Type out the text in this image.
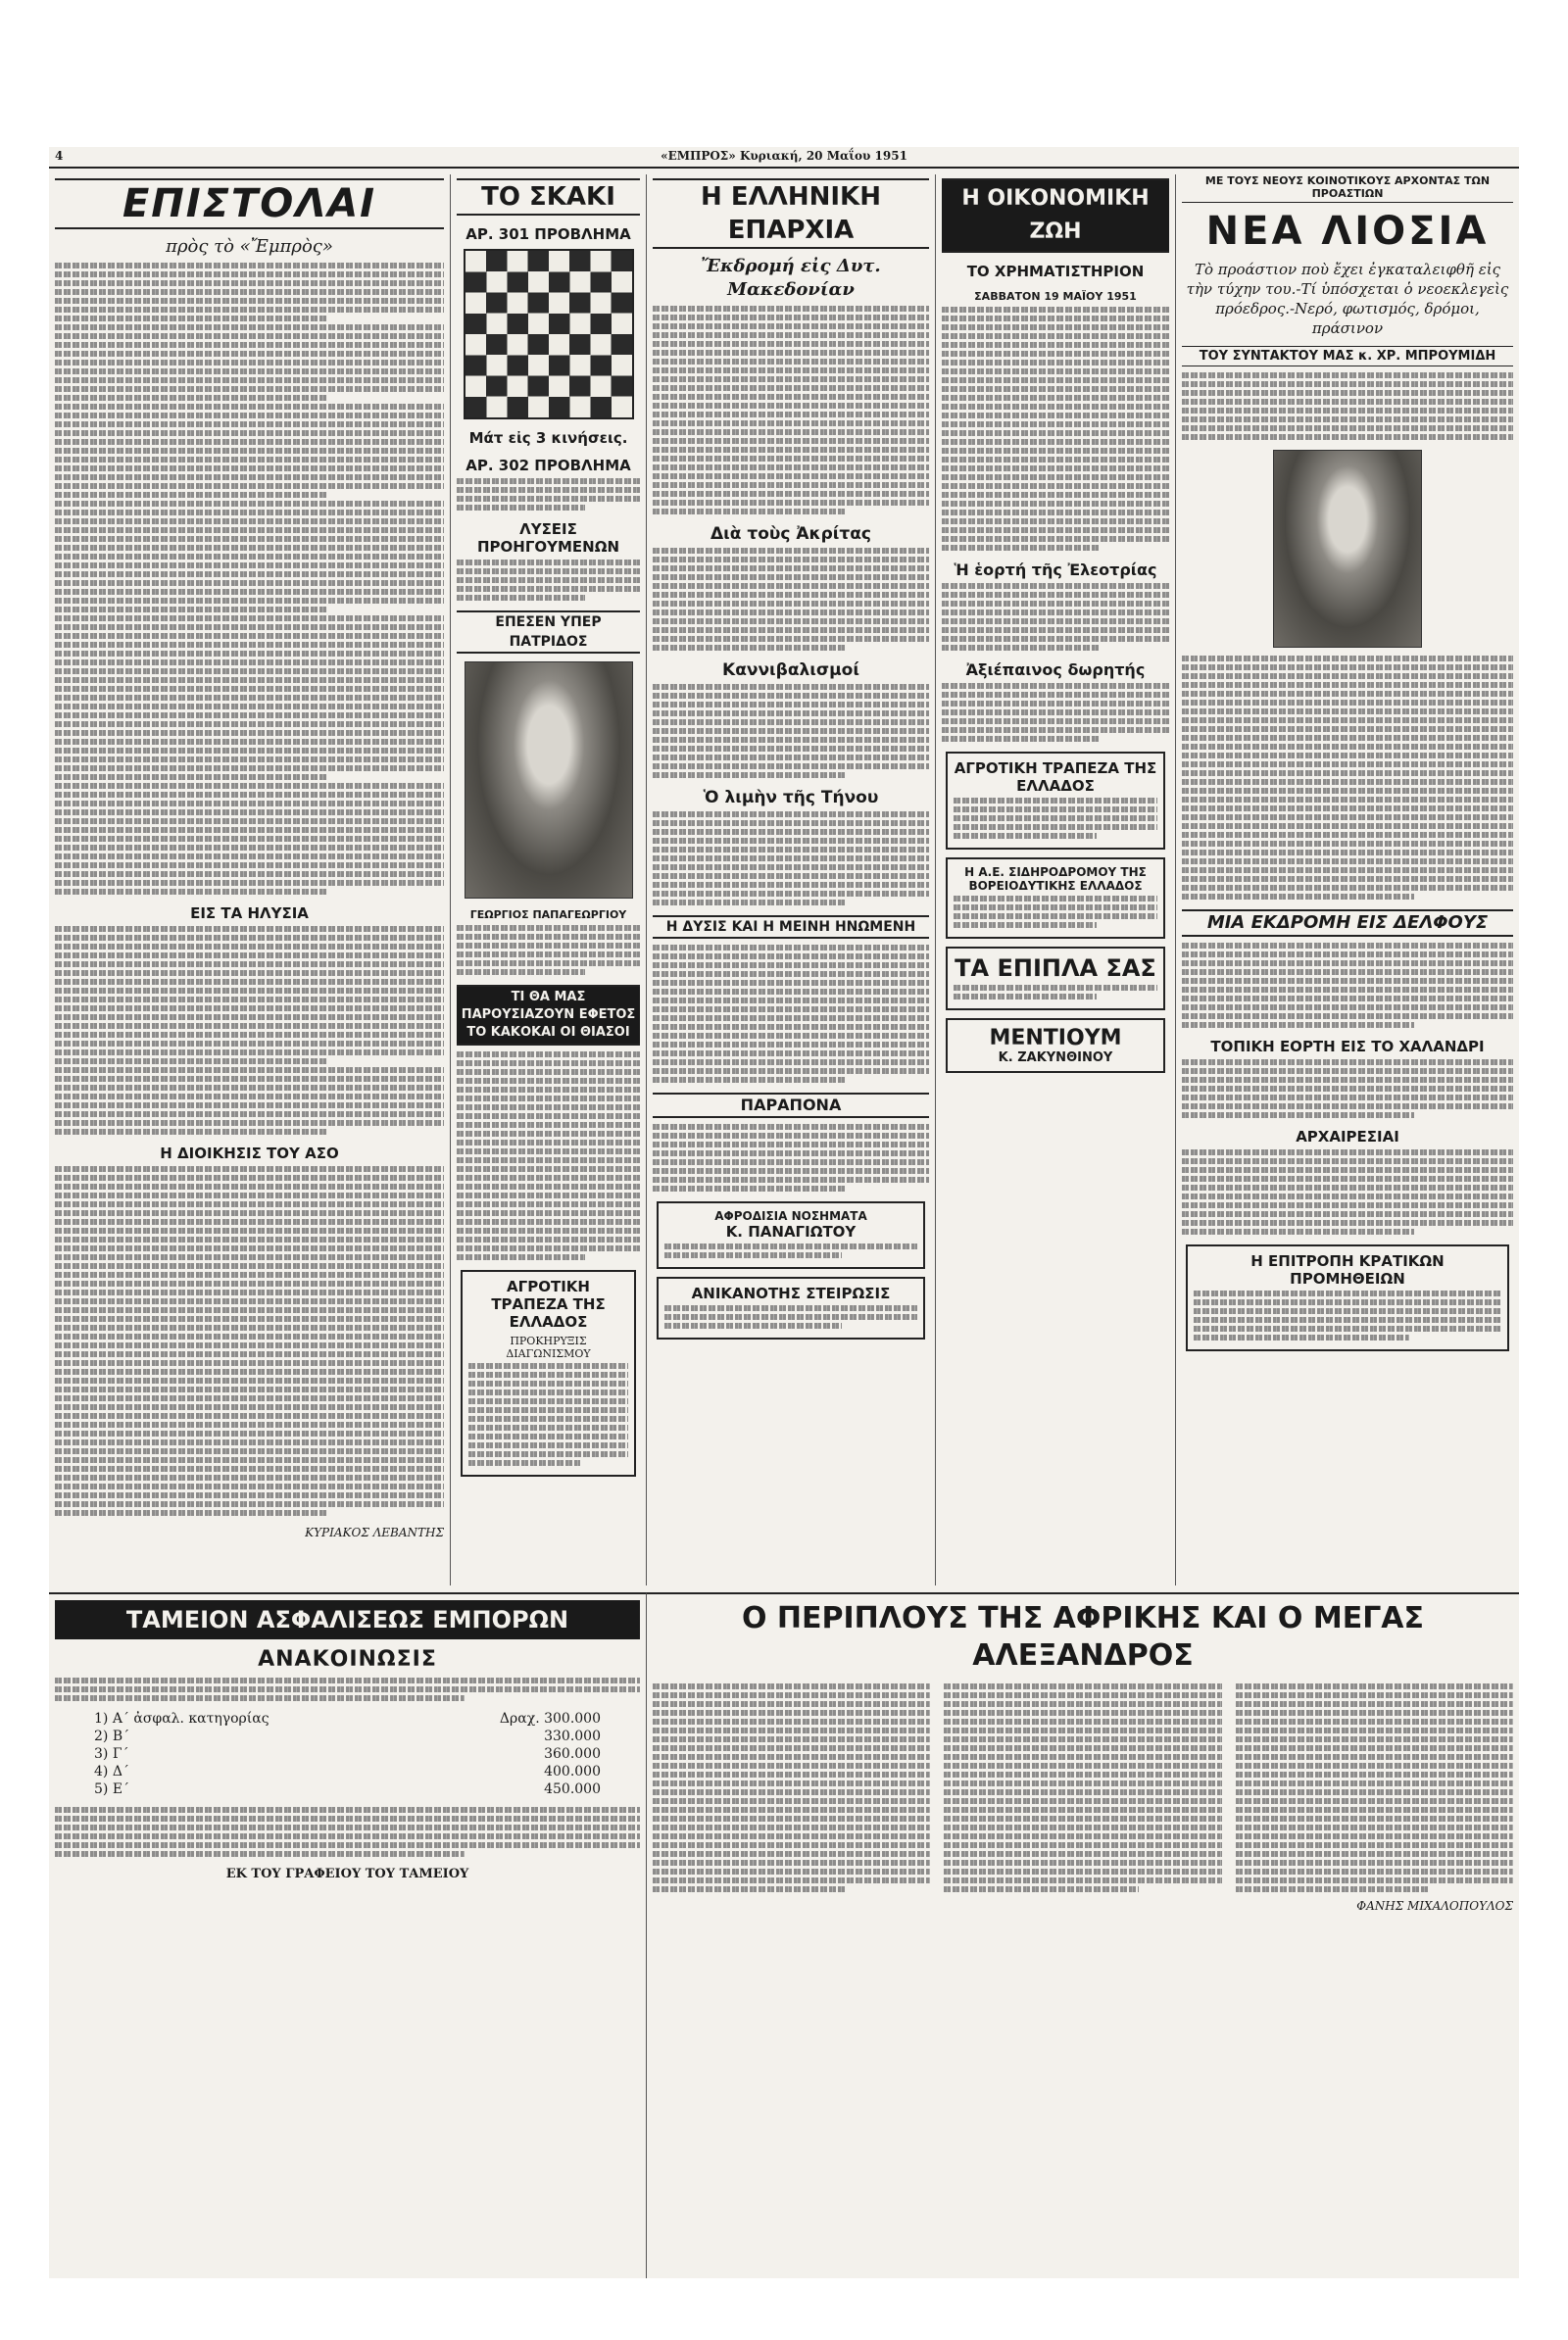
4	«ΕΜΠΡΟΣ» Κυριακή, 20 Μαΐου 1951
ΕΠΙΣΤΟΛΑΙ
πρὸς τὸ «Ἔμπρὸς»
ΕΙΣ ΤΑ ΗΛΥΣΙΑ
Η ΔΙΟΙΚΗΣΙΣ ΤΟΥ ΑΣΟ
ΚΥΡΙΑΚΟΣ ΛΕΒΑΝΤΗΣ
ΤΟ ΣΚΑΚΙ
ΑΡ. 301 ΠΡΟΒΛΗΜΑ
Μάτ εἰς 3 κινήσεις.
ΑΡ. 302 ΠΡΟΒΛΗΜΑ
ΛΥΣΕΙΣ ΠΡΟΗΓΟΥΜΕΝΩΝ
ΕΠΕΣΕΝ ΥΠΕΡ ΠΑΤΡΙΔΟΣ
ΓΕΩΡΓΙΟΣ ΠΑΠΑΓΕΩΡΓΙΟΥ
ΤΙ ΘΑ ΜΑΣ ΠΑΡΟΥΣΙΑΖΟΥΝ ΕΦΕΤΟΣ ΤΟ ΚΑΚΟΚΑΙ ΟΙ ΘΙΑΣΟΙ
ΑΓΡΟΤΙΚΗ ΤΡΑΠΕΖΑ ΤΗΣ ΕΛΛΑΔΟΣ
ΠΡΟΚΗΡΥΞΙΣ ΔΙΑΓΩΝΙΣΜΟΥ
Η ΕΛΛΗΝΙΚΗ ΕΠΑΡΧΙΑ
Ἔκδρομή εἰς Δυτ. Μακεδονίαν
Διὰ τοὺς Ἀκρίτας
Καννιβαλισμοί
Ὁ λιμὴν τῆς Τήνου
Η ΔΥΣΙΣ ΚΑΙ Η ΜΕΙΝΗ ΗΝΩΜΕΝΗ
ΠΑΡΑΠΟΝΑ
ΑΦΡΟΔΙΣΙΑ ΝΟΣΗΜΑΤΑ
Κ. ΠΑΝΑΓΙΩΤΟΥ
ΑΝΙΚΑΝΟΤΗΣ ΣΤΕΙΡΩΣΙΣ
Η ΟΙΚΟΝΟΜΙΚΗ ΖΩΗ
ΤΟ ΧΡΗΜΑΤΙΣΤΗΡΙΟΝ
ΣΑΒΒΑΤΟΝ 19 ΜΑΪΟΥ 1951
Ἡ ἑορτή τῆς Ἐλεοτρίας
Ἀξιέπαινος δωρητής
ΑΓΡΟΤΙΚΗ ΤΡΑΠΕΖΑ ΤΗΣ ΕΛΛΑΔΟΣ
Η Α.Ε. ΣΙΔΗΡΟΔΡΟΜΟΥ ΤΗΣ ΒΟΡΕΙΟΔΥΤΙΚΗΣ ΕΛΛΑΔΟΣ
ΤΑ ΕΠΙΠΛΑ ΣΑΣ
ΜΕΝΤΙΟΥΜ
Κ. ΖΑΚΥΝΘΙΝΟΥ
ΜΕ ΤΟΥΣ ΝΕΟΥΣ ΚΟΙΝΟΤΙΚΟΥΣ ΑΡΧΟΝΤΑΣ ΤΩΝ ΠΡΟΑΣΤΙΩΝ
ΝΕΑ ΛΙΟΣΙΑ
Τὸ προάστιον ποὺ ἔχει ἐγκαταλειφθῆ εἰς τὴν τύχην του.-Τί ὑπόσχεται ὁ νεοεκλεγεὶς πρόεδρος.-Νερό, φωτισμός, δρόμοι, πράσινον
ΤΟΥ ΣΥΝΤΑΚΤΟΥ ΜΑΣ κ. ΧΡ. ΜΠΡΟΥΜΙΔΗ
ΜΙΑ ΕΚΔΡΟΜΗ ΕΙΣ ΔΕΛΦΟΥΣ
ΤΟΠΙΚΗ ΕΟΡΤΗ ΕΙΣ ΤΟ ΧΑΛΑΝΔΡΙ
ΑΡΧΑΙΡΕΣΙΑΙ
Η ΕΠΙΤΡΟΠΗ ΚΡΑΤΙΚΩΝ ΠΡΟΜΗΘΕΙΩΝ
ΤΑΜΕΙΟΝ ΑΣΦΑΛΙΣΕΩΣ ΕΜΠΟΡΩΝ
ΑΝΑΚΟΙΝΩΣΙΣ
1) Α΄ ἀσφαλ. κατηγορίας	Δραχ. 300.000
2) Β΄	330.000
3) Γ΄	360.000
4) Δ΄	400.000
5) Ε΄	450.000
ΕΚ ΤΟΥ ΓΡΑΦΕΙΟΥ ΤΟΥ ΤΑΜΕΙΟΥ
Ο ΠΕΡΙΠΛΟΥΣ ΤΗΣ ΑΦΡΙΚΗΣ ΚΑΙ Ο ΜΕΓΑΣ ΑΛΕΞΑΝΔΡΟΣ
ΦΑΝΗΣ ΜΙΧΑΛΟΠΟΥΛΟΣ
